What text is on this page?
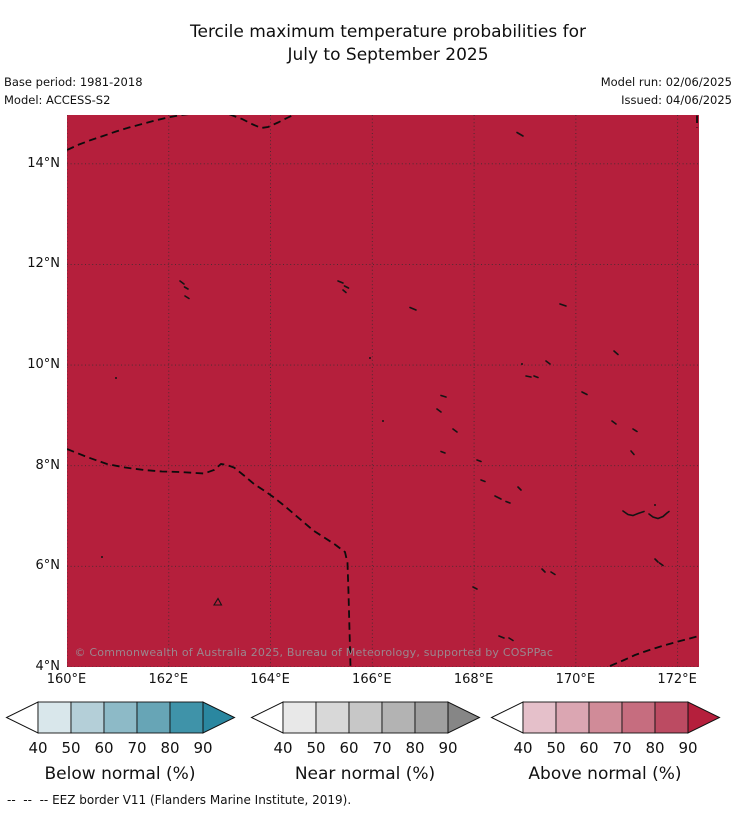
Tercile maximum temperature probabilities for
July to September 2025
Base period: 1981-2018
Model: ACCESS-S2
Model run: 02/06/2025
Issued: 04/06/2025
© Commonwealth of Australia 2025, Bureau of Meteorology, supported by COSPPac
4°N
6°N
8°N
10°N
12°N
14°N
160°E	162°E	164°E	166°E	168°E	170°E	172°E
40 50 60 70 80 90
Below normal (%)
40 50 60 70 80 90
Near normal (%)
40 50 60 70 80 90
Above normal (%)
--  --  -- EEZ border V11 (Flanders Marine Institute, 2019).
